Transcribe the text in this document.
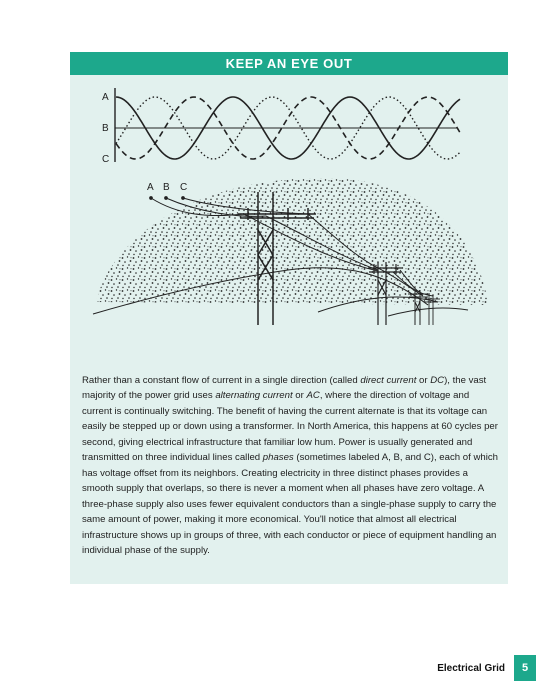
KEEP AN EYE OUT
A
B
C
A B C

Rather than a constant flow of current in a single direction (called direct current or DC), the vast majority of the power grid uses alternating current or AC, where the direction of voltage and current is continually switching. The benefit of having the current alternate is that its voltage can easily be stepped up or down using a transformer. In North America, this happens at 60 cycles per second, giving electrical infrastructure that familiar low hum. Power is usually generated and transmitted on three individual lines called phases (sometimes labeled A, B, and C), each of which has voltage offset from its neighbors. Creating electricity in three distinct phases provides a smooth supply that overlaps, so there is never a moment when all phases have zero voltage. A three-phase supply also uses fewer equivalent conductors than a single-phase supply to carry the same amount of power, making it more economical. You'll notice that almost all electrical infrastructure shows up in groups of three, with each conductor or piece of equipment handling an individual phase of the supply.

Electrical Grid	5
